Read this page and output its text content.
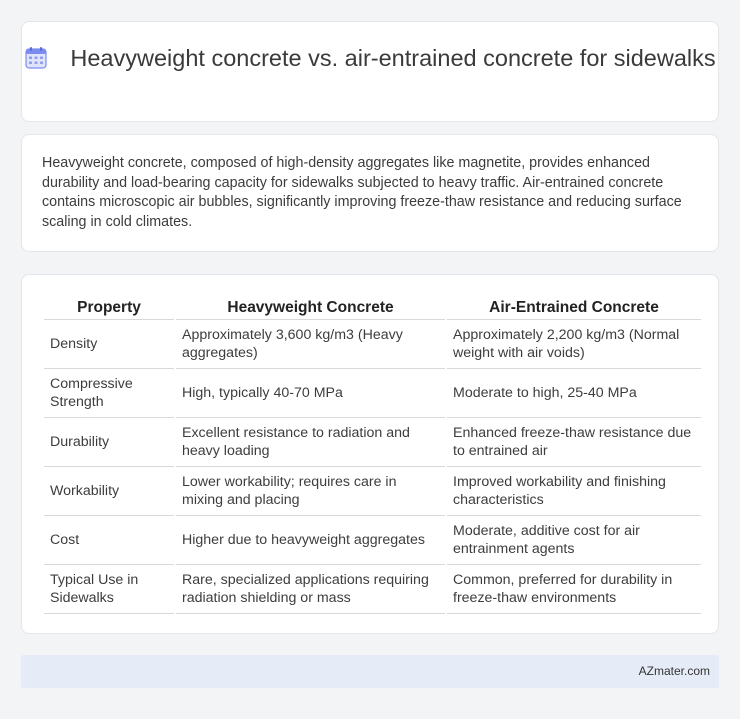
Heavyweight concrete vs. air-entrained concrete for sidewalks

Heavyweight concrete, composed of high-density aggregates like magnetite, provides enhanced durability and load-bearing capacity for sidewalks subjected to heavy traffic. Air-entrained concrete contains microscopic air bubbles, significantly improving freeze-thaw resistance and reducing surface scaling in cold climates.

Property	Heavyweight Concrete	Air-Entrained Concrete
Density	Approximately 3,600 kg/m3 (Heavy aggregates)	Approximately 2,200 kg/m3 (Normal weight with air voids)
Compressive Strength	High, typically 40-70 MPa	Moderate to high, 25-40 MPa
Durability	Excellent resistance to radiation and heavy loading	Enhanced freeze-thaw resistance due to entrained air
Workability	Lower workability; requires care in mixing and placing	Improved workability and finishing characteristics
Cost	Higher due to heavyweight aggregates	Moderate, additive cost for air entrainment agents
Typical Use in Sidewalks	Rare, specialized applications requiring radiation shielding or mass	Common, preferred for durability in freeze-thaw environments
AZmater.com
